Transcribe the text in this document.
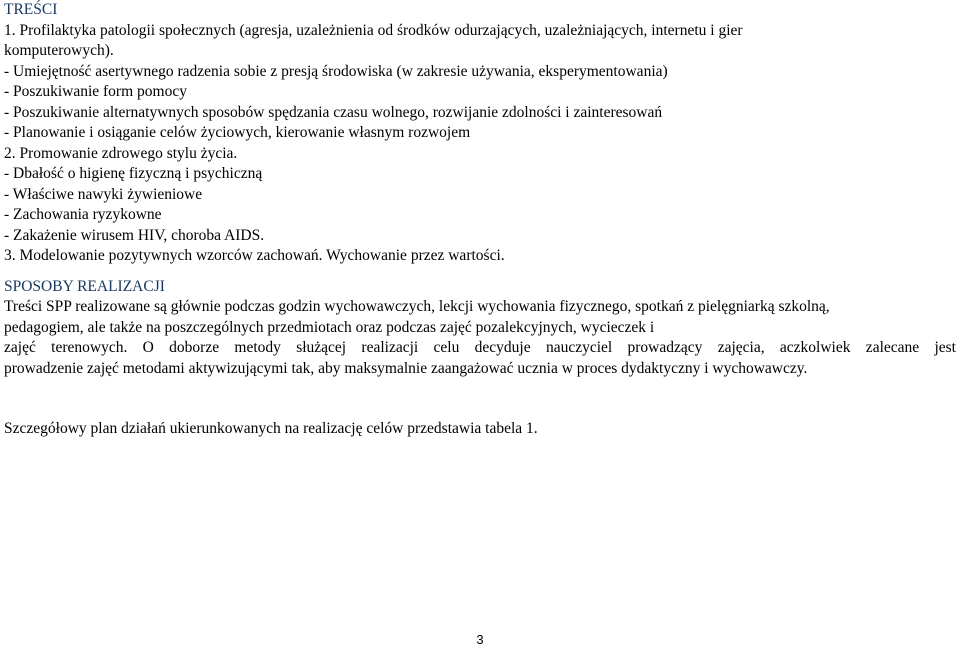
TREŚCI
1. Profilaktyka patologii społecznych (agresja, uzależnienia od środków odurzających, uzależniających, internetu i gier
komputerowych).
- Umiejętność asertywnego radzenia sobie z presją środowiska (w zakresie używania, eksperymentowania)
- Poszukiwanie form pomocy
- Poszukiwanie alternatywnych sposobów spędzania czasu wolnego, rozwijanie zdolności i zainteresowań
- Planowanie i osiąganie celów życiowych, kierowanie własnym rozwojem
2. Promowanie zdrowego stylu życia.
- Dbałość o higienę fizyczną i psychiczną
- Właściwe nawyki żywieniowe
- Zachowania ryzykowne
- Zakażenie wirusem HIV, choroba AIDS.
3. Modelowanie pozytywnych wzorców zachowań. Wychowanie przez wartości.
SPOSOBY REALIZACJI
Treści SPP realizowane są głównie podczas godzin wychowawczych, lekcji wychowania fizycznego, spotkań z pielęgniarką szkolną,
pedagogiem, ale także na poszczególnych przedmiotach oraz podczas zajęć pozalekcyjnych, wycieczek i
zajęć terenowych. O doborze metody służącej realizacji celu decyduje nauczyciel prowadzący zajęcia, aczkolwiek zalecane jest
prowadzenie zajęć metodami aktywizującymi tak, aby maksymalnie zaangażować ucznia w proces dydaktyczny i wychowawczy.
Szczegółowy plan działań ukierunkowanych na realizację celów przedstawia tabela 1.
3
